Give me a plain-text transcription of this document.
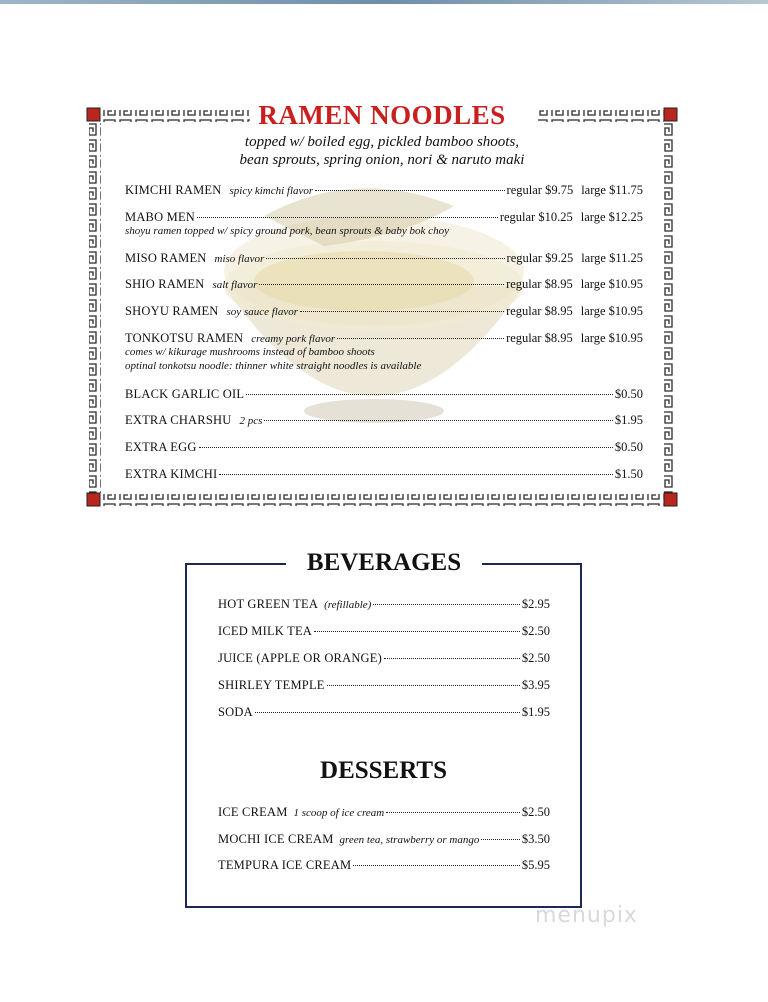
RAMEN NOODLES
topped w/ boiled egg, pickled bamboo shoots,
bean sprouts, spring onion, nori & naruto maki
KIMCHI RAMEN spicy kimchi flavor	regular $9.75 large $11.75
MABO MEN	regular $10.25 large $12.25
shoyu ramen topped w/ spicy ground pork, bean sprouts & baby bok choy
MISO RAMEN miso flavor	regular $9.25 large $11.25
SHIO RAMEN salt flavor	regular $8.95 large $10.95
SHOYU RAMEN soy sauce flavor	regular $8.95 large $10.95
TONKOTSU RAMEN creamy pork flavor	regular $8.95 large $10.95
comes w/ kikurage mushrooms instead of bamboo shoots
optinal tonkotsu noodle: thinner white straight noodles is available
BLACK GARLIC OIL	$0.50
EXTRA CHARSHU 2 pcs	$1.95
EXTRA EGG	$0.50
EXTRA KIMCHI	$1.50
BEVERAGES
HOT GREEN TEA (refillable)	$2.95
ICED MILK TEA	$2.50
JUICE (APPLE OR ORANGE)	$2.50
SHIRLEY TEMPLE	$3.95
SODA	$1.95
DESSERTS
ICE CREAM 1 scoop of ice cream	$2.50
MOCHI ICE CREAM green tea, strawberry or mango	$3.50
TEMPURA ICE CREAM	$5.95
menupix
